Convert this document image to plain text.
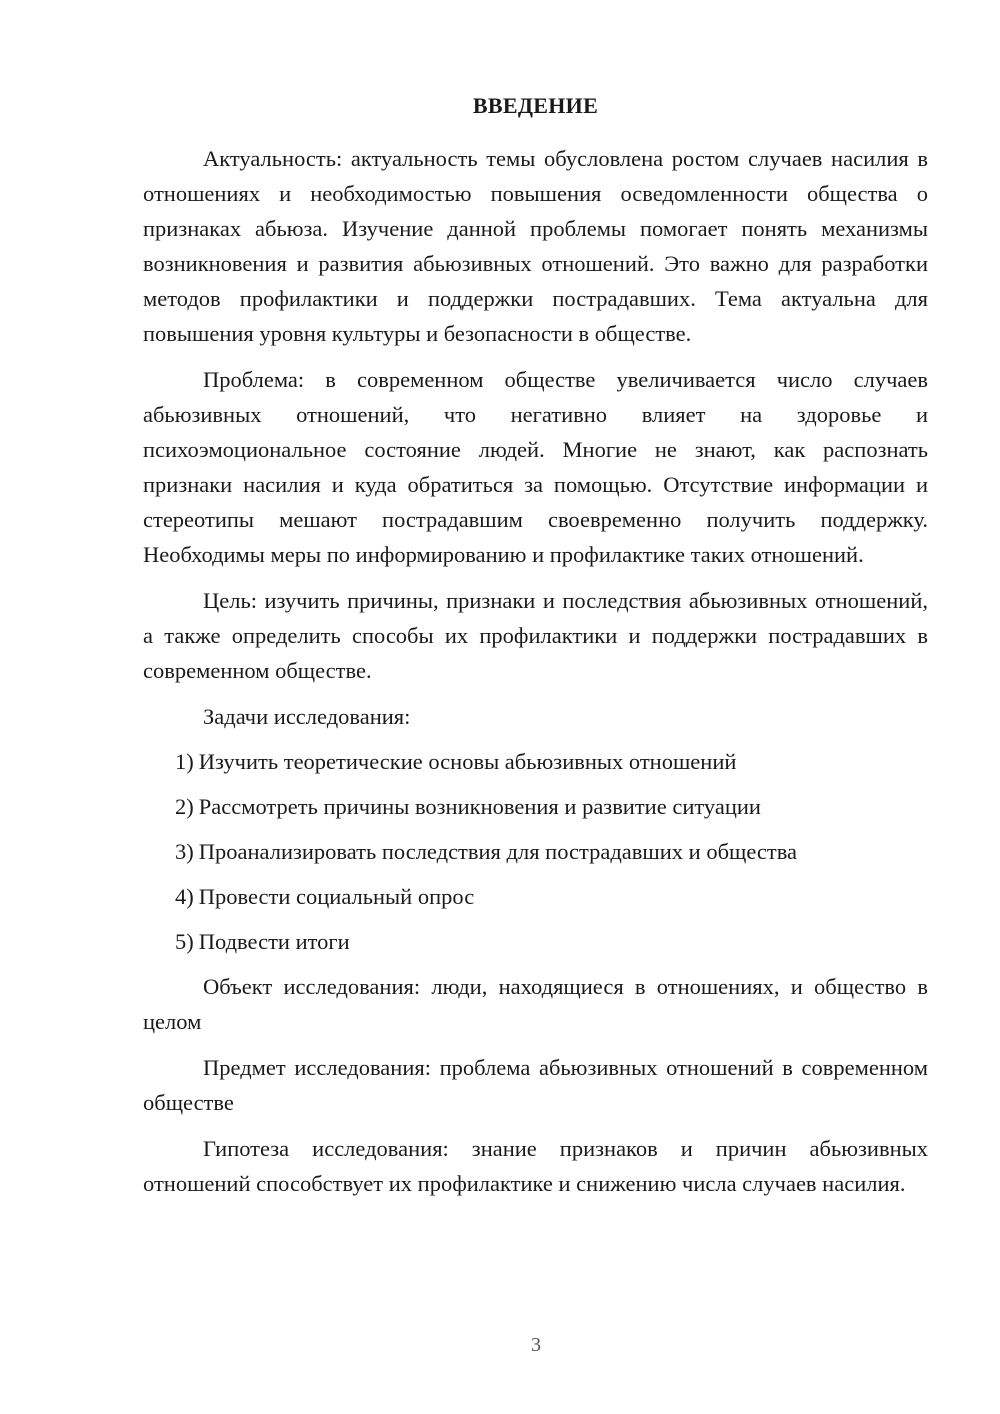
ВВЕДЕНИЕ

Актуальность: актуальность темы обусловлена ростом случаев насилия в отношениях и необходимостью повышения осведомленности общества о признаках абьюза. Изучение данной проблемы помогает понять механизмы возникновения и развития абьюзивных отношений. Это важно для разработки методов профилактики и поддержки пострадавших. Тема актуальна для повышения уровня культуры и безопасности в обществе.

Проблема: в современном обществе увеличивается число случаев абьюзивных отношений, что негативно влияет на здоровье и психоэмоциональное состояние людей. Многие не знают, как распознать признаки насилия и куда обратиться за помощью. Отсутствие информации и стереотипы мешают пострадавшим своевременно получить поддержку. Необходимы меры по информированию и профилактике таких отношений.

Цель: изучить причины, признаки и последствия абьюзивных отношений, а также определить способы их профилактики и поддержки пострадавших в современном обществе.

Задачи исследования:

1) Изучить теоретические основы абьюзивных отношений
2) Рассмотреть причины возникновения и развитие ситуации
3) Проанализировать последствия для пострадавших и общества
4) Провести социальный опрос
5) Подвести итоги

Объект исследования: люди, находящиеся в отношениях, и общество в целом

Предмет исследования: проблема абьюзивных отношений в современном обществе

Гипотеза исследования: знание признаков и причин абьюзивных отношений способствует их профилактике и снижению числа случаев насилия.

3
